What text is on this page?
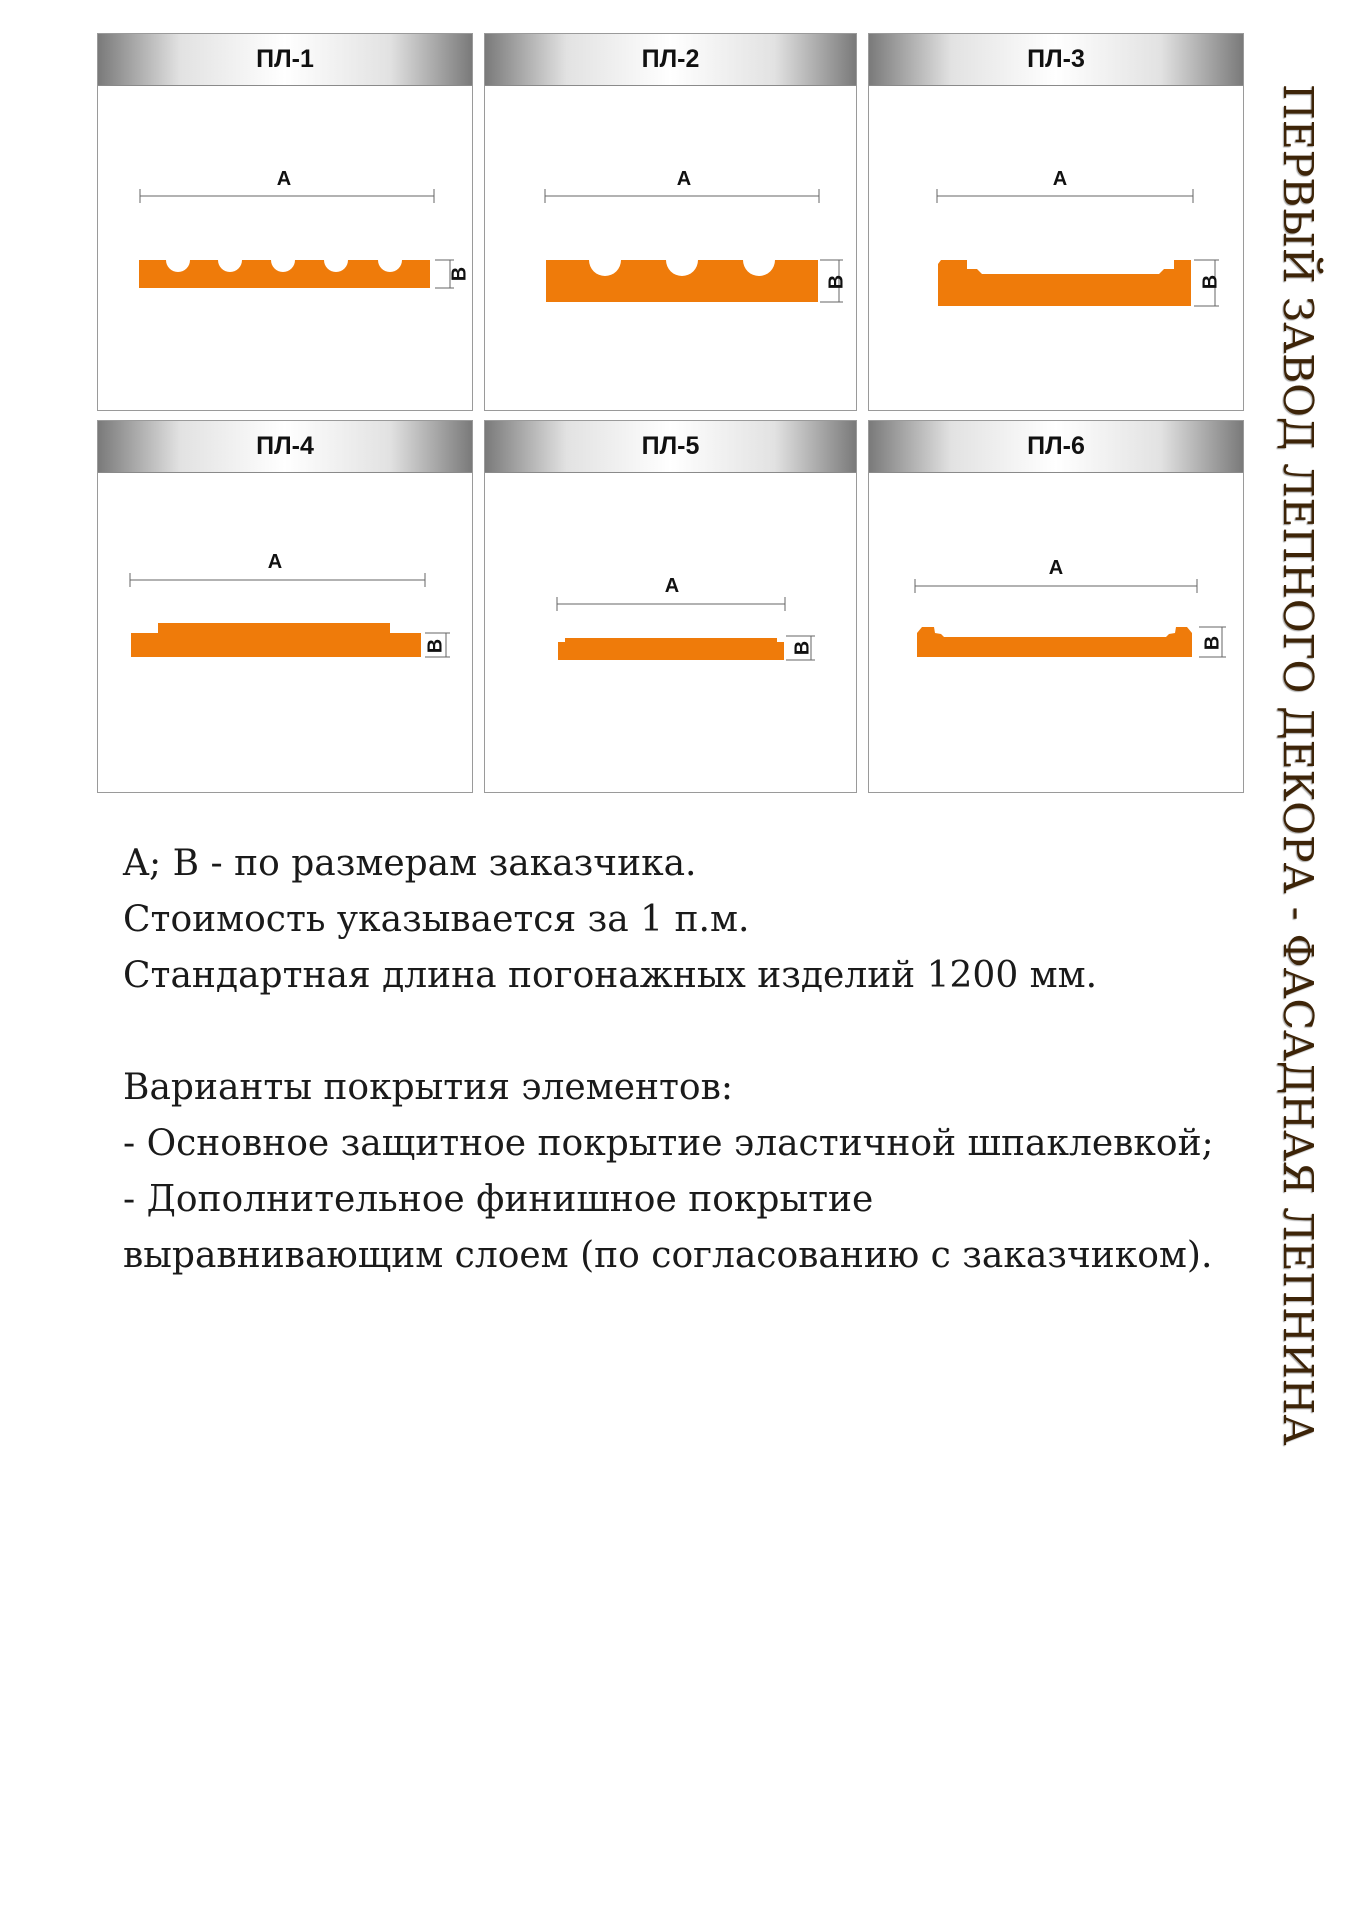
ПЛ-1
A
B
ПЛ-2
A
B
ПЛ-3
A
B
ПЛ-4
A
B
ПЛ-5
A
B
ПЛ-6
A
B
A; B - по размерам заказчика.
Стоимость указывается за 1 п.м.
Стандартная длина погонажных изделий 1200 мм.
Варианты покрытия элементов:
- Основное защитное покрытие эластичной шпаклевкой;
- Дополнительное финишное покрытие
выравнивающим слоем (по согласованию с заказчиком).	ПЕРВЫЙ ЗАВОД ЛЕПНОГО ДЕКОРА - ФАСАДНАЯ ЛЕПНИНА
